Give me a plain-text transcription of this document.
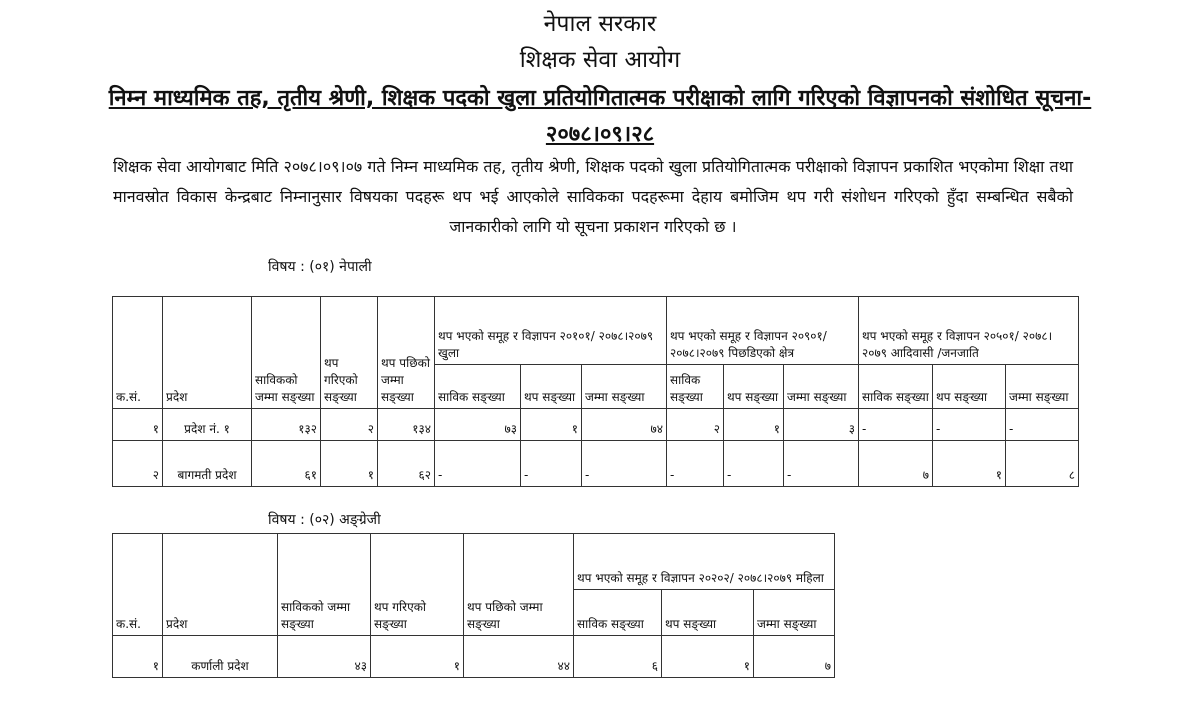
नेपाल सरकार
शिक्षक सेवा आयोग
निम्न माध्यमिक तह, तृतीय श्रेणी, शिक्षक पदको खुला प्रतियोगितात्मक परीक्षाको लागि गरिएको विज्ञापनको संशोधित सूचना-
२०७८।०९।२८
शिक्षक सेवा आयोगबाट मिति २०७८।०९।०७ गते निम्न माध्यमिक तह, तृतीय श्रेणी, शिक्षक पदको खुला प्रतियोगितात्मक परीक्षाको विज्ञापन प्रकाशित भएकोमा शिक्षा तथा मानवस्रोत विकास केन्द्रबाट निम्नानुसार विषयका पदहरू थप भई आएकोले साविकका पदहरूमा देहाय बमोजिम थप गरी संशोधन गरिएको हुँदा सम्बन्धित सबैको जानकारीको लागि यो सूचना प्रकाशन गरिएको छ ।
विषय : (०१) नेपाली
क.सं.	प्रदेश	साविकको जम्मा सङ्ख्या	थप गरिएको सङ्ख्या	थप पछिको जम्मा सङ्ख्या	थप भएको समूह र विज्ञापन २०१०१/ २०७८।२०७९ खुला			थप भएको समूह र विज्ञापन २०९०१/ २०७८।२०७९ पिछडिएको क्षेत्र			थप भएको समूह र विज्ञापन २०५०१/ २०७८।२०७९ आदिवासी /जनजाति		
					साविक सङ्ख्या	थप सङ्ख्या	जम्मा सङ्ख्या	साविक सङ्ख्या	थप सङ्ख्या	जम्मा सङ्ख्या	साविक सङ्ख्या	थप सङ्ख्या	जम्मा सङ्ख्या
१	प्रदेश नं. १	१३२	२	१३४	७३	१	७४	२	१	३	-	-	-
२	बागमती प्रदेश	६१	१	६२	-	-	-	-	-	-	७	१	८
विषय : (०२) अङ्ग्रेजी
क.सं.	प्रदेश	साविकको जम्मा सङ्ख्या	थप गरिएको सङ्ख्या	थप पछिको जम्मा सङ्ख्या	थप भएको समूह र विज्ञापन २०२०२/ २०७८।२०७९ महिला		
					साविक सङ्ख्या	थप सङ्ख्या	जम्मा सङ्ख्या
१	कर्णाली प्रदेश	४३	१	४४	६	१	७
